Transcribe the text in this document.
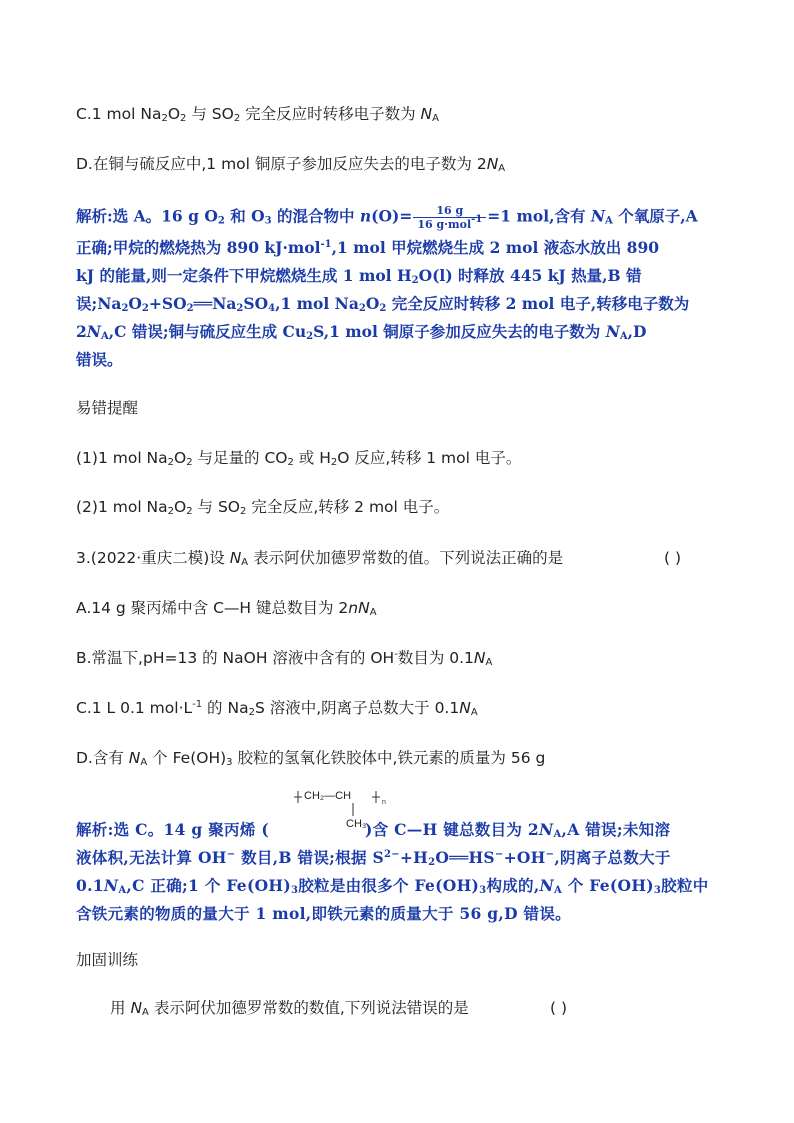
C.1 mol $Na_2O_2$ 与 $SO_2$ 完全反应时转移电子数为 $N_A$
D.在铜与硫反应中,1 mol 铜原子参加反应失去的电子数为 $2N_A$
解析:选 A。16 g $O_2$ 和 $O_3$ 的混合物中 $n(O)= \frac{16 g}{16 g\cdot mol^{-1}} =1$ mol,含有 $N_A$ 个氧原子,A
正确;甲烷的燃烧热为 890 kJ·mol$^{-1}$,1 mol 甲烷燃烧生成 2 mol 液态水放出 890
kJ 的能量,则一定条件下甲烷燃烧生成 1 mol $H_2O(l)$ 时释放 445 kJ 热量,B 错
误$;Na_2O_2+SO_2══Na_2SO_4,1$ mol $Na_2O_2$ 完全反应时转移 2 mol 电子,转移电子数为
$2N_A,C$ 错误;铜与硫反应生成 $Cu_2S,1$ mol 铜原子参加反应失去的电子数为 $N_A,D$
错误。
易错提醒
(1)1 mol $Na_2O_2$ 与足量的 $CO_2$ 或 $H_2O$ 反应,转移 1 mol 电子。
(2)1 mol $Na_2O_2$ 与 $SO_2$ 完全反应,转移 2 mol 电子。
3.(2022·重庆二模)设 $N_A$ 表示阿伏加德罗常数的值。下列说法正确的是	( )
A.14 g 聚丙烯中含 C—H 键总数目为 $2nN_A$
B.常温下,pH=13 的 NaOH 溶液中含有的 OH-数目为 $0.1N_A$
C.1 L 0.1 $mol\cdot L^{-1}$ 的 $Na_2S$ 溶液中,阴离子总数大于 $0.1N_A$
D.含有 $N_A$ 个 $Fe(OH)_3$ 胶粒的氢氧化铁胶体中,铁元素的质量为 56 g
n
CH₂—CH
CH₃
解析:选 C。14 g 聚丙烯 (	)含 C—H 键总数目为 $2N_A,A$ 错误;未知溶
液体积,无法计算 OH− 数目,B 错误;根据 $S^{2-}+H_2O══HS^-+OH^-$,阴离子总数大于
$0.1N_A,C$ 正确;1 个 $Fe(OH)_3$胶粒是由很多个 $Fe(OH)_3$构成的$,N_A$ 个 $Fe(OH)_3$胶粒中
含铁元素的物质的量大于 1 mol,即铁元素的质量大于 56 g,D 错误。
加固训练
用 $N_A$ 表示阿伏加德罗常数的数值,下列说法错误的是	( )
